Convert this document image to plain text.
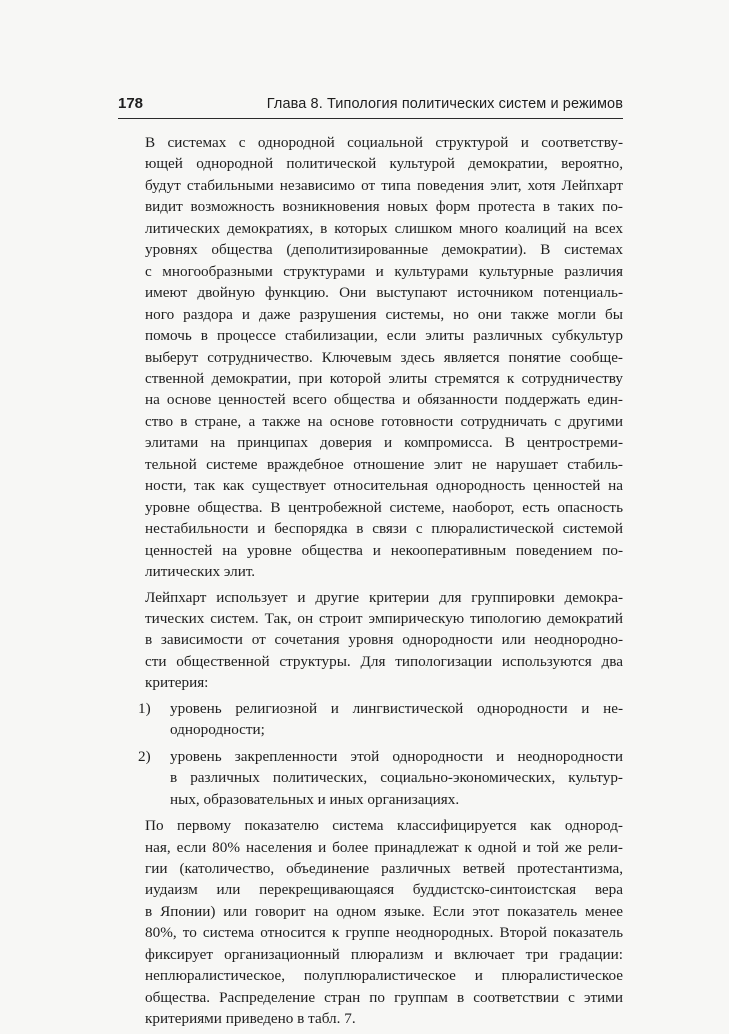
178	Глава 8. Типология политических систем и режимов

В системах с однородной социальной структурой и соответству-
ющей однородной политической культурой демократии, вероятно,
будут стабильными независимо от типа поведения элит, хотя Лейпхарт
видит возможность возникновения новых форм протеста в таких по-
литических демократиях, в которых слишком много коалиций на всех
уровнях общества (деполитизированные демократии). В системах
с многообразными структурами и культурами культурные различия
имеют двойную функцию. Они выступают источником потенциаль-
ного раздора и даже разрушения системы, но они также могли бы
помочь в процессе стабилизации, если элиты различных субкультур
выберут сотрудничество. Ключевым здесь является понятие сообще-
ственной демократии, при которой элиты стремятся к сотрудничеству
на основе ценностей всего общества и обязанности поддержать един-
ство в стране, а также на основе готовности сотрудничать с другими
элитами на принципах доверия и компромисса. В центростреми-
тельной системе враждебное отношение элит не нарушает стабиль-
ности, так как существует относительная однородность ценностей на
уровне общества. В центробежной системе, наоборот, есть опасность
нестабильности и беспорядка в связи с плюралистической системой
ценностей на уровне общества и некооперативным поведением по-
литических элит.

Лейпхарт использует и другие критерии для группировки демокра-
тических систем. Так, он строит эмпирическую типологию демократий
в зависимости от сочетания уровня однородности или неоднородно-
сти общественной структуры. Для типологизации используются два
критерия:

1)	уровень религиозной и лингвистической однородности и не-
однородности;
2)	уровень закрепленности этой однородности и неоднородности
в различных политических, социально-экономических, культур-
ных, образовательных и иных организациях.

По первому показателю система классифицируется как однород-
ная, если 80% населения и более принадлежат к одной и той же рели-
гии (католичество, объединение различных ветвей протестантизма,
иудаизм или перекрещивающаяся буддистско-синтоистская вера
в Японии) или говорит на одном языке. Если этот показатель менее
80%, то система относится к группе неоднородных. Второй показатель
фиксирует организационный плюрализм и включает три градации:
неплюралистическое, полуплюралистическое и плюралистическое
общества. Распределение стран по группам в соответствии с этими
критериями приведено в табл. 7.
